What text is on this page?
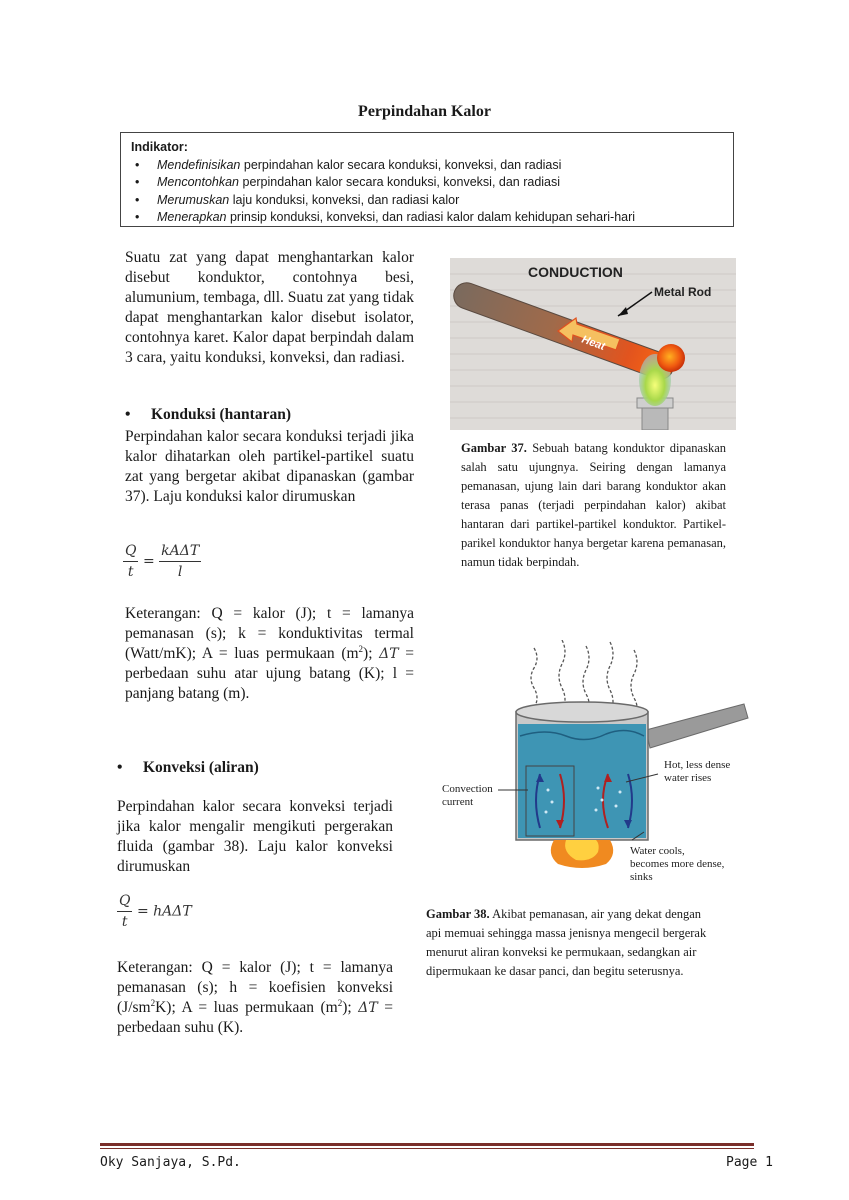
Perpindahan Kalor
Indikator:
• Mendefinisikan perpindahan kalor secara konduksi, konveksi, dan radiasi
• Mencontohkan perpindahan kalor secara konduksi, konveksi, dan radiasi
• Merumuskan laju konduksi, konveksi, dan radiasi kalor
• Menerapkan prinsip konduksi, konveksi, dan radiasi kalor dalam kehidupan sehari-hari
Suatu zat yang dapat menghantarkan kalor disebut konduktor, contohnya besi, alumunium, tembaga, dll. Suatu zat yang tidak dapat menghantarkan kalor disebut isolator, contohnya karet. Kalor dapat berpindah dalam 3 cara, yaitu konduksi, konveksi, dan radiasi.
• Konduksi (hantaran)
Perpindahan kalor secara konduksi terjadi jika kalor dihatarkan oleh partikel-partikel suatu zat yang bergetar akibat dipanaskan (gambar 37). Laju konduksi kalor dirumuskan
$\frac{Q}{t} = \frac{\text{kAΔT}}{l}$
Keterangan: Q = kalor (J); t = lamanya pemanasan (s); k = konduktivitas termal (Watt/mK); A = luas permukaan $(m^2)$; ΔT = perbedaan suhu atar ujung batang (K); l = panjang batang (m).
• Konveksi (aliran)
Perpindahan kalor secara konveksi terjadi jika kalor mengalir mengikuti pergerakan fluida (gambar 38). Laju kalor konveksi dirumuskan
$\frac{Q}{t} = hA\Delta T$
Keterangan: Q = kalor (J); t = lamanya pemanasan (s); h = koefisien konveksi $(J/sm^2K)$; A = luas permukaan $(m^2)$; ΔT = perbedaan suhu (K).
CONDUCTION
Metal Rod
Heat
Gambar 37. Sebuah batang konduktor dipanaskan salah satu ujungnya. Seiring dengan lamanya pemanasan, ujung lain dari barang konduktor akan terasa panas (terjadi perpindahan kalor) akibat hantaran dari partikel-partikel konduktor. Partikel-parikel konduktor hanya bergetar karena pemanasan, namun tidak berpindah.
Convection
current
Hot, less dense
water rises
Water cools,
becomes more dense,
sinks
Gambar 38. Akibat pemanasan, air yang dekat dengan api memuai sehingga massa jenisnya mengecil bergerak menurut aliran konveksi ke permukaan, sedangkan air dipermukaan ke dasar panci, dan begitu seterusnya.
Oky Sanjaya, S.Pd.	Page 1
